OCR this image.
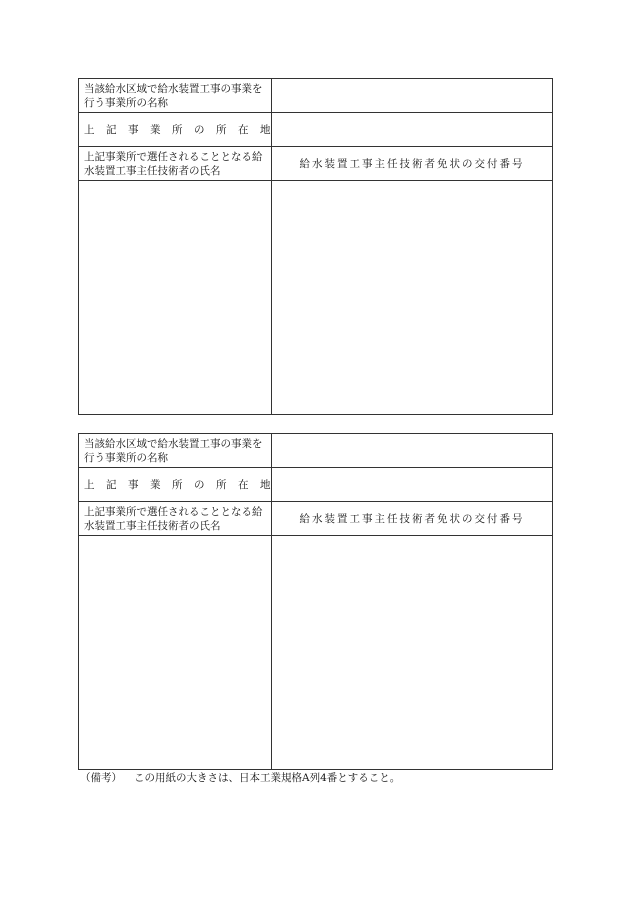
当該給水区域で給水装置工事の事業を行う事業所の名称	
上記事業所の所在地	
上記事業所で選任されることとなる給水装置工事主任技術者の氏名	給水装置工事主任技術者免状の交付番号

当該給水区域で給水装置工事の事業を行う事業所の名称	
上記事業所の所在地	
上記事業所で選任されることとなる給水装置工事主任技術者の氏名	給水装置工事主任技術者免状の交付番号

（備考） この用紙の大きさは、日本工業規格A列4番とすること。
